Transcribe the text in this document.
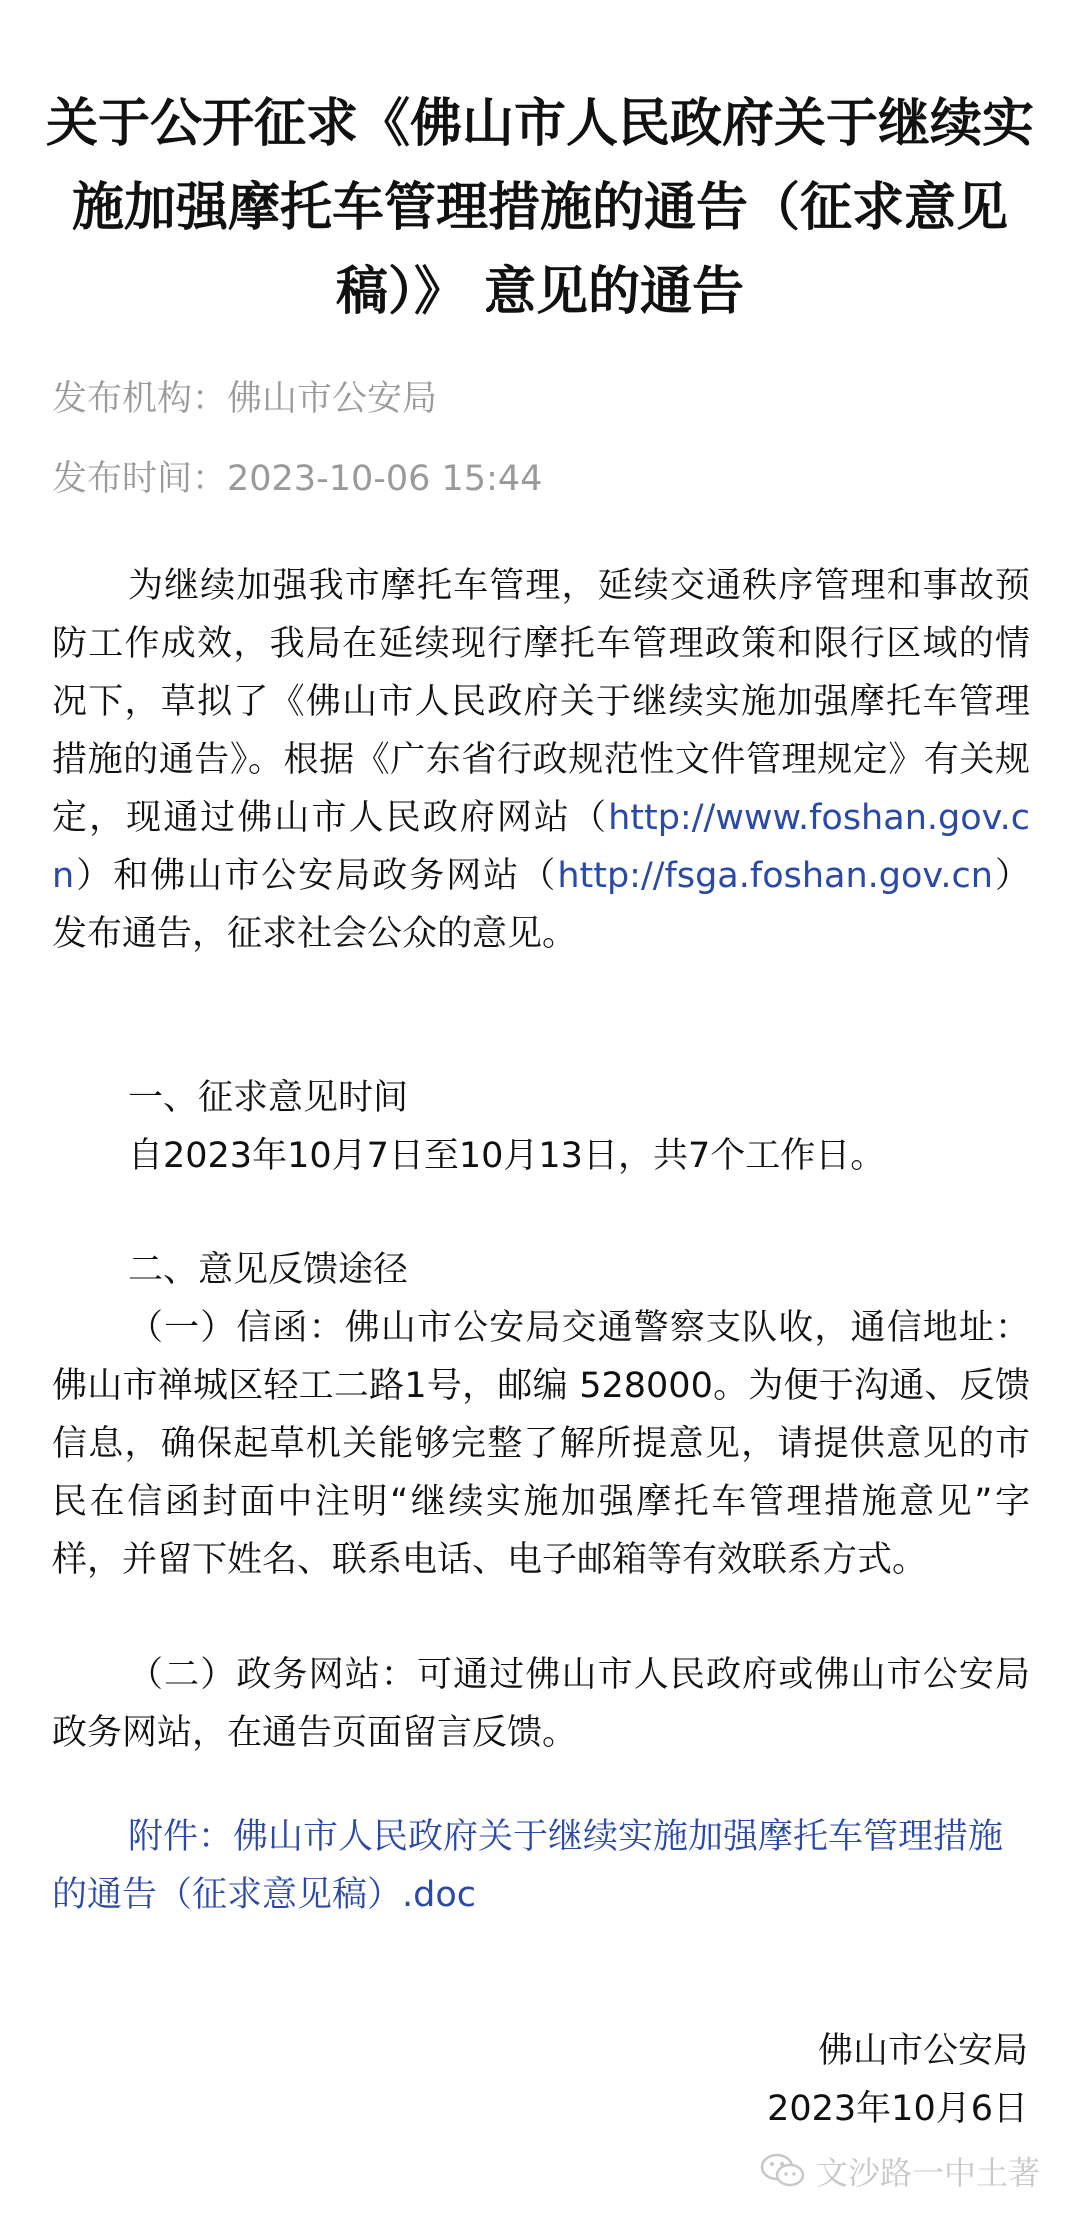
关于公开征求《佛山市人民政府关于继续实施加强摩托车管理措施的通告（征求意见稿）》 意见的通告
发布机构：佛山市公安局
发布时间：2023-10-06 15:44

为继续加强我市摩托车管理，延续交通秩序管理和事故预防工作成效，我局在延续现行摩托车管理政策和限行区域的情况下，草拟了《佛山市人民政府关于继续实施加强摩托车管理措施的通告》。根据《广东省行政规范性文件管理规定》有关规定，现通过佛山市人民政府网站（http://www.foshan.gov.cn）和佛山市公安局政务网站（http://fsga.foshan.gov.cn）发布通告，征求社会公众的意见。

一、征求意见时间

自2023年10月7日至10月13日，共7个工作日。

二、意见反馈途径

（一）信函：佛山市公安局交通警察支队收，通信地址：佛山市禅城区轻工二路1号，邮编 528000。为便于沟通、反馈信息，确保起草机关能够完整了解所提意见，请提供意见的市民在信函封面中注明“继续实施加强摩托车管理措施意见”字样，并留下姓名、联系电话、电子邮箱等有效联系方式。

（二）政务网站：可通过佛山市人民政府或佛山市公安局政务网站，在通告页面留言反馈。

附件：佛山市人民政府关于继续实施加强摩托车管理措施的通告（征求意见稿）.doc

佛山市公安局
2023年10月6日
文沙路一中土著
